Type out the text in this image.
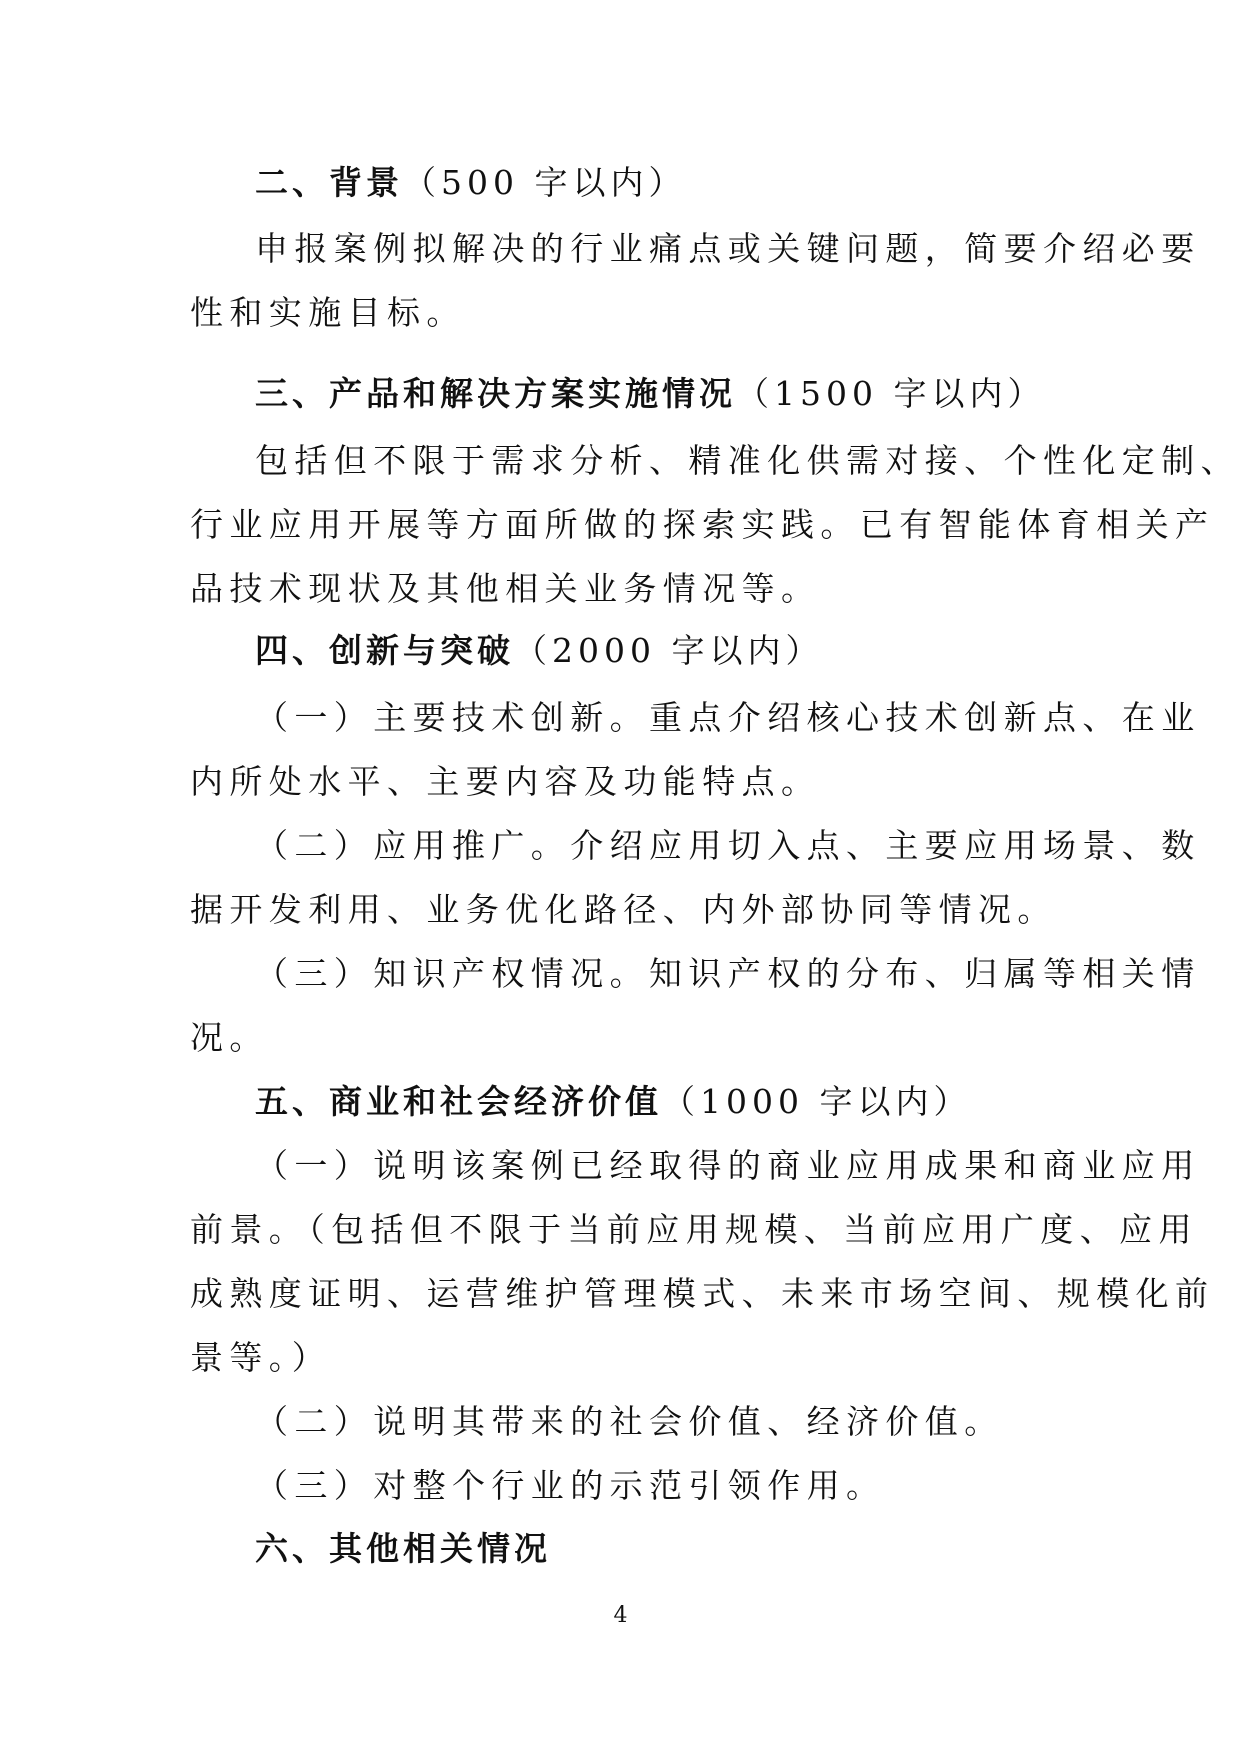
二、背景（500 字以内）

申报案例拟解决的行业痛点或关键问题，简要介绍必要

性和实施目标。

三、产品和解决方案实施情况（1500 字以内）

包括但不限于需求分析、精准化供需对接、个性化定制、

行业应用开展等方面所做的探索实践。已有智能体育相关产

品技术现状及其他相关业务情况等。

四、创新与突破（2000 字以内）

（一）主要技术创新。重点介绍核心技术创新点、在业

内所处水平、主要内容及功能特点。

（二）应用推广。介绍应用切入点、主要应用场景、数

据开发利用、业务优化路径、内外部协同等情况。

（三）知识产权情况。知识产权的分布、归属等相关情

况。

五、商业和社会经济价值（1000 字以内）

（一）说明该案例已经取得的商业应用成果和商业应用

前景。（包括但不限于当前应用规模、当前应用广度、应用

成熟度证明、运营维护管理模式、未来市场空间、规模化前

景等。）

（二）说明其带来的社会价值、经济价值。

（三）对整个行业的示范引领作用。

六、其他相关情况
4
